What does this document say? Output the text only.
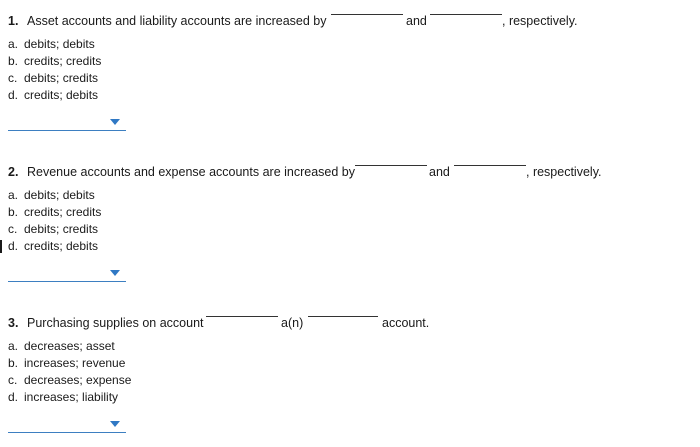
1. Asset accounts and liability accounts are increased by	and	, respectively.
a. debits; debits
b. credits; credits
c. debits; credits
d. credits; debits
2. Revenue accounts and expense accounts are increased by	and	, respectively.
a. debits; debits
b. credits; credits
c. debits; credits
d. credits; debits
3. Purchasing supplies on account	a(n)	account.
a. decreases; asset
b. increases; revenue
c. decreases; expense
d. increases; liability
